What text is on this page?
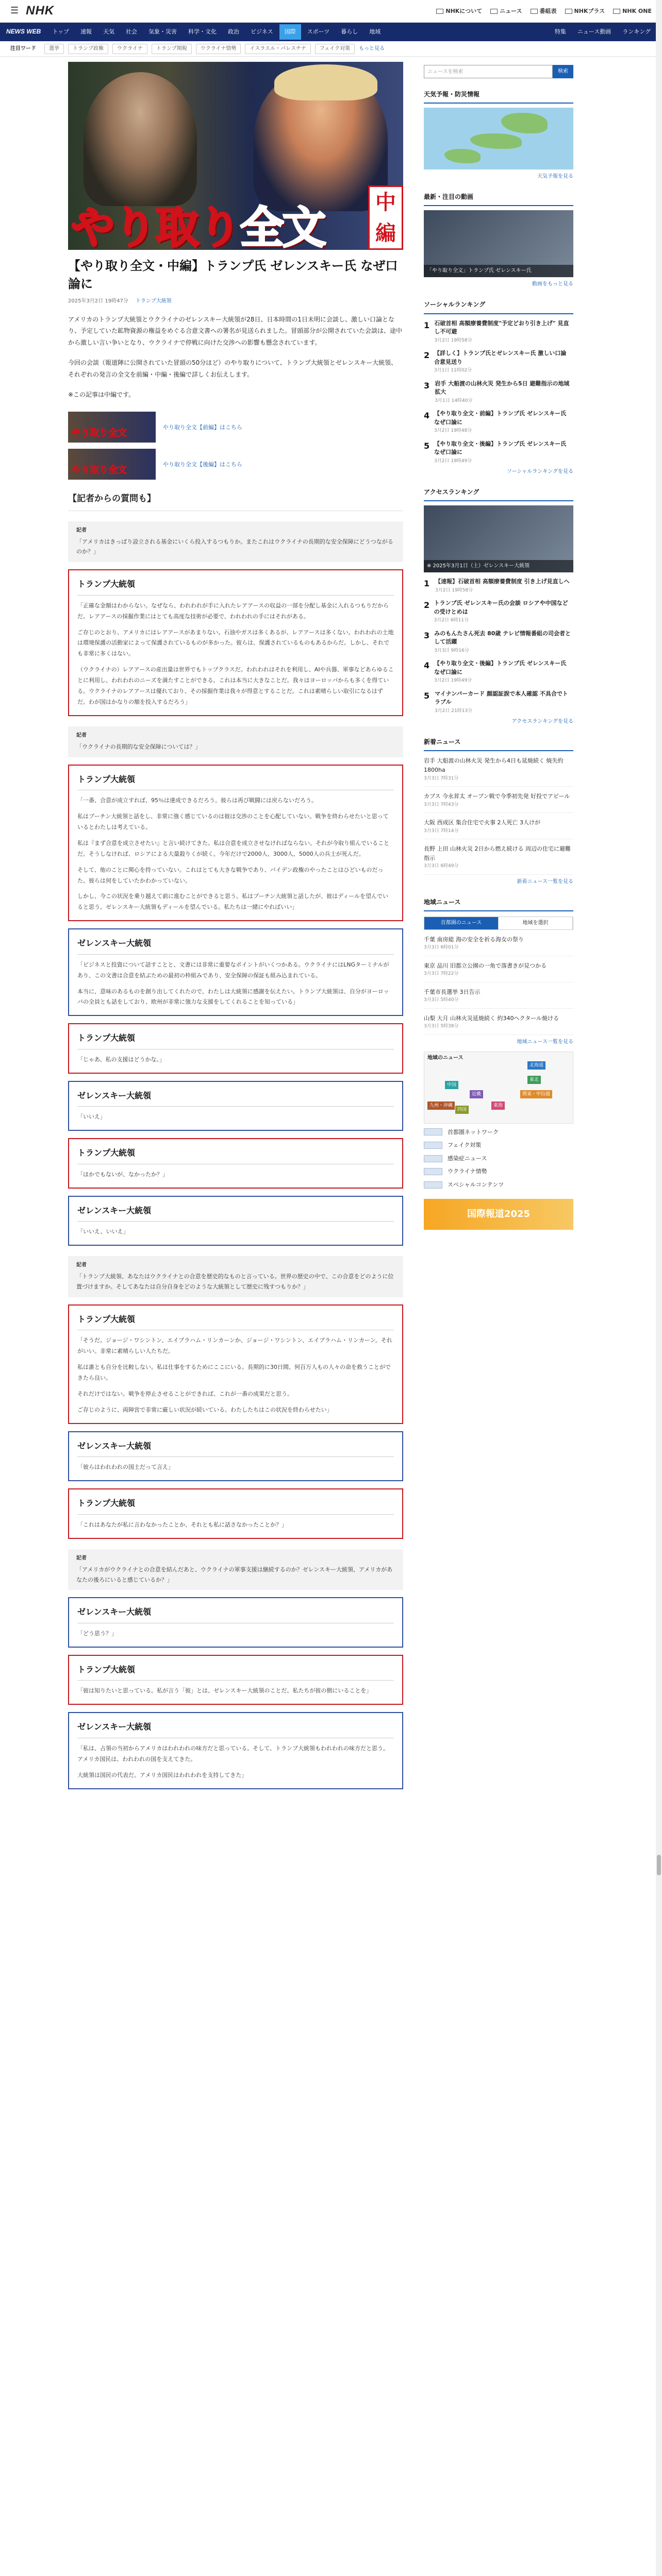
☰ NHK	NHKについて	ニュース	番組表	NHKプラス	NHK ONE
NEWS WEB	トップ	速報	天気	社会	気象・災害	科学・文化	政治	ビジネス	国際	スポーツ	暮らし	地域	特集	ニュース動画	ランキング
注目ワード	選挙	トランプ政権	ウクライナ	トランプ関税	ウクライナ情勢	イスラエル・パレスチナ	フェイク対策	もっと見る
やり取り全文	中編
【やり取り全文・中編】トランプ氏 ゼレンスキー氏 なぜ口論に
2025年3月2日 19時47分 トランプ大統領

アメリカのトランプ大統領とウクライナのゼレンスキー大統領が28日、日本時間の1日未明に会談し、激しい口論となり、予定していた鉱物資源の権益をめぐる合意文書への署名が見送られました。冒頭部分が公開されていた会談は、途中から激しい言い争いとなり、ウクライナで停戦に向けた交渉への影響も懸念されています。

今回の会談（報道陣に公開されていた冒頭の50分ほど）のやり取りについて、トランプ大統領とゼレンスキー大統領、それぞれの発言の全文を前編・中編・後編で詳しくお伝えします。

※この記事は中編です。

やり取り全文
やり取り全文【前編】はこちら
やり取り全文
やり取り全文【後編】はこちら
【記者からの質問も】
記者
「アメリカはきっぱり設立される基金にいくら投入するつもりか。またこれはウクライナの長期的な安全保障にどうつながるのか？」
トランプ大統領

「正確な金額はわからない。なぜなら、われわれが手に入れたレアアースの収益の一部を分配し基金に入れるつもりだからだ。レアアースの採掘作業にはとても高度な技術が必要で、われわれの手にはそれがある。

ご存じのとおり、アメリカにはレアアースがあまりない。石油やガスは多くあるが、レアアースは多くない。われわれの土地は環境保護の活動家によって保護されているものが多かった。彼らは、保護されているものもあるからだ。しかし、それでも非常に多くはない。

（ウクライナの）レアアースの産出量は世界でもトップクラスだ。われわれはそれを利用し、AIや兵器、軍事などあらゆることに利用し、われわれのニーズを満たすことができる。これは本当に大きなことだ。我々はヨーロッパからも多くを得ている。ウクライナのレアアースは優れており、その採掘作業は我々が得意とすることだ。これは素晴らしい取引になるはずだ。わが国はかなりの額を投入するだろう」

記者
「ウクライナの長期的な安全保障については？」
トランプ大統領

「一番、合意が成立すれば、95％は達成できるだろう。彼らは再び戦闘には戻らないだろう。

私はプーチン大統領と話をし、非常に強く感じているのは彼は交渉のことを心配していない。戦争を終わらせたいと思っているとわたしは考えている。

私は『まず合意を成立させたい』と言い続けてきた。私は合意を成立させなければならない。それが今取り組んでいることだ。そうしなければ、ロシアによる大量殺りくが続く。今年だけで2000人、3000人、5000人の兵士が死んだ。

そして、他のことに関心を持っていない。これはとても大きな戦争であり、バイデン政権のやったことはひどいものだった。彼らは何をしていたかわかっていない。

しかし、今この状況を乗り越えて前に進むことができると思う。私はプーチン大統領と話したが、彼はディールを望んでいると思う。ゼレンスキー大統領もディールを望んでいる。私たちは一緒にやればいい」

ゼレンスキー大統領

「ビジネスと投資について話すことと、文書には非常に重要なポイントがいくつかある。ウクライナにはLNGターミナルがあり、この文書は合意を結ぶための最初の枠組みであり、安全保障の保証も組み込まれている。

本当に、意味のあるものを創り出してくれたので、わたしは大統領に感謝を伝えたい。トランプ大統領は、自分がヨーロッパの全員とも話をしており、欧州が非常に強力な支援をしてくれることを知っている」

トランプ大統領

「じゃあ、私の支援はどうかな。」

ゼレンスキー大統領

「いいえ」

トランプ大統領

「ほかでもないが、なかったか？」

ゼレンスキー大統領

「いいえ、いいえ」

記者
「トランプ大統領、あなたはウクライナとの合意を歴史的なものと言っている。世界の歴史の中で、この合意をどのように位置づけますか。そしてあなたは自分自身をどのような大統領として歴史に残すつもりか？」
トランプ大統領

「そうだ。ジョージ・ワシントン、エイブラハム・リンカーンか、ジョージ・ワシントン、エイブラハム・リンカーン。それがいい。非常に素晴らしい人たちだ。

私は誰とも自分を比較しない。私は仕事をするためにここにいる。長期的に30日間、何百万人もの人々の命を救うことができたら良い。

それだけではない。戦争を停止させることができれば、これが一番の成果だと思う。

ご存じのように、両陣営で非常に厳しい状況が続いている。わたしたちはこの状況を終わらせたい」

ゼレンスキー大統領

「彼らはわれわれの国土だって言え」

トランプ大統領

「これはあなたが私に言わなかったことか、それとも私に話さなかったことか？」

記者
「アメリカがウクライナとの合意を結んだあと、ウクライナの軍事支援は継続するのか？ゼレンスキー大統領、アメリカがあなたの後ろにいると感じているか？」
ゼレンスキー大統領

「どう思う？」

トランプ大統領

「彼は知りたいと思っている。私が言う「彼」とは、ゼレンスキー大統領のことだ。私たちが彼の側にいることを」

ゼレンスキー大統領

「私は、占領の当初からアメリカはわれわれの味方だと思っている。そして、トランプ大統領もわれわれの味方だと思う。アメリカ国民は、われわれの国を支えてきた。

大統領は国民の代表だ。アメリカ国民はわれわれを支持してきた」

ニュースを検索	検索
天気予報・防災情報
天気予報を見る
最新・注目の動画
「やり取り全文」トランプ氏 ゼレンスキー氏
動画をもっと見る
ソーシャルランキング
1 石破首相 高額療養費制度"予定どおり引き上げ" 見直し不可避
3月2日 19時58分
2 【詳しく】トランプ氏とゼレンスキー氏 激しい口論 合意見送り
3月1日 11時02分
3 岩手 大船渡の山林火災 発生から5日 避難指示の地域拡大
3月1日 14時40分
4 【やり取り全文・前編】トランプ氏 ゼレンスキー氏 なぜ口論に
3月2日 19時48分
5 【やり取り全文・後編】トランプ氏 ゼレンスキー氏 なぜ口論に
3月2日 19時49分
ソーシャルランキングを見る
アクセスランキング
※ 2025年3月1日（土）ゼレンスキー大統領
1 【速報】石破首相 高額療養費制度 引き上げ見直しへ
3月2日 19時58分
2 トランプ氏 ゼレンスキー氏の会談 ロシアや中国などの受けとめは
3月2日 6時11分
3 みのもんたさん死去 80歳 テレビ情報番組の司会者として活躍
3月3日 9時16分
4 【やり取り全文・後編】トランプ氏 ゼレンスキー氏 なぜ口論に
3月2日 19時49分
5 マイナンバーカード 顔認証誤で本人確認 不具合でトラブル
3月2日 21時13分
アクセスランキングを見る
新着ニュース
岩手 大船渡の山林火災 発生から4日も延焼続く 焼失約1800ha
3月3日 7時31分
カブス 今永昇太 オープン戦で今季初先発 好投でアピール
3月3日 7時43分
大阪 西成区 集合住宅で火事 2人死亡 3人けが
3月3日 7時14分
長野 上田 山林火災 2日から燃え続ける 周辺の住宅に避難指示
3月3日 6時49分
新着ニュース一覧を見る
地域ニュース
首都圏のニュース	地域を選択
千葉 南房総 海の安全を祈る海女の祭り
3月3日 6時01分
東京 品川 旧都立公園の一角で落書きが見つかる
3月3日 7時22分
千葉市長選挙 3日告示
3月3日 5時40分
山梨 大月 山林火災延焼続く 約340ヘクタール焼ける
3月3日 5時38分
地域ニュース一覧を見る
地域のニュース
北海道
東北
関東・甲信越
東海
近畿
中国
四国
九州・沖縄
首都圏ネットワーク
フェイク対策
感染症ニュース
ウクライナ情勢
スペシャルコンテンツ
国際報道2025
